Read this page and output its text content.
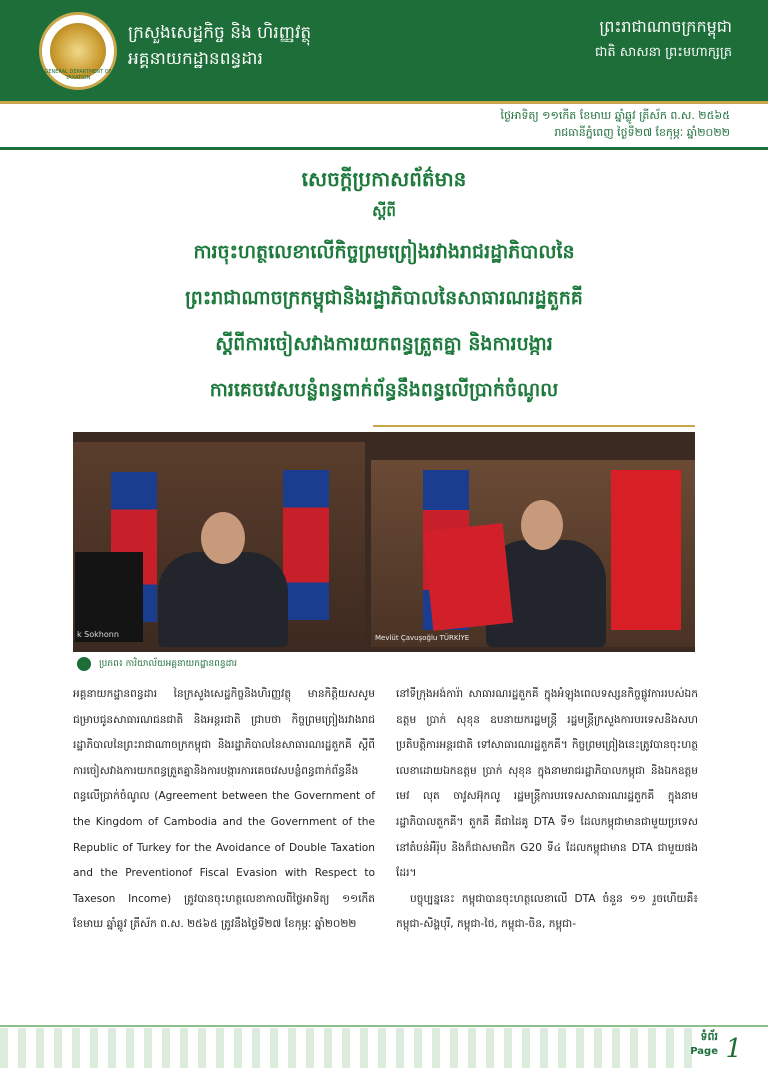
GENERAL DEPARTMENT OF TAXATION
ក្រសួងសេដ្ឋកិច្ច និង ហិរញ្ញវត្ថុ
អគ្គនាយកដ្ឋានពន្ធដារ
ព្រះរាជាណាចក្រកម្ពុជា
ជាតិ សាសនា ព្រះមហាក្សត្រ
ថ្ងៃអាទិត្យ ១១កើត ខែមាឃ ឆ្នាំឆ្លូវ ត្រីស័ក ព.ស. ២៥៦៥
រាជធានីភ្នំពេញ ថ្ងៃទី២៧ ខែកុម្ភៈ ឆ្នាំ២០២២
សេចក្តីប្រកាសព័ត៌មាន
ស្តីពី
ការចុះហត្ថលេខាលើកិច្ចព្រមព្រៀងរវាងរាជរដ្ឋាភិបាលនៃ
ព្រះរាជាណាចក្រកម្ពុជានិងរដ្ឋាភិបាលនៃសាធារណរដ្ឋតួកគី
ស្តីពីការចៀសវាងការយកពន្ធត្រួតគ្នា និងការបង្ការ
ការគេចវេសបន្លំពន្ធពាក់ព័ន្ធនឹងពន្ធលើប្រាក់ចំណូល
k Sokhonn	Mevlüt Çavuşoğlu TÜRKİYE
ប្រភព៖ ការិយាល័យអគ្គនាយកដ្ឋានពន្ធដារ

អគ្គនាយកដ្ឋានពន្ធដារ នៃក្រសួងសេដ្ឋកិច្ចនិងហិរញ្ញវត្ថុ មានកិត្តិយសសូមជម្រាបជូនសាធារណជនជាតិ និងអន្តរជាតិ ជ្រាបថា កិច្ចព្រមព្រៀងរវាងរាជរដ្ឋាភិបាលនៃព្រះរាជាណាចក្រកម្ពុជា និងរដ្ឋាភិបាលនៃសាធារណរដ្ឋតួកគី ស្តីពីការចៀសវាងការយកពន្ធត្រួតគ្នានិងការបង្ការការគេចវេសបន្លំពន្ធពាក់ព័ន្ធនឹងពន្ធលើប្រាក់ចំណូល (Agreement between the Government of the Kingdom of Cambodia and the Government of the Republic of Turkey for the Avoidance of Double Taxation and the Preventionof Fiscal Evasion with Respect to Taxeson Income) ត្រូវបានចុះហត្ថលេខាកាលពីថ្ងៃអាទិត្យ ១១កើត ខែមាឃ ឆ្នាំឆ្លូវ ត្រីស័ក ព.ស. ២៥៦៥ ត្រូវនឹងថ្ងៃទី២៧ ខែកុម្ភៈ ឆ្នាំ២០២២

នៅទីក្រុងអង់ការ៉ា សាធារណរដ្ឋតួកគី ក្នុងអំឡុងពេលទស្សនកិច្ចផ្លូវការរបស់ឯកឧត្តម ប្រាក់ សុខុន ឧបនាយករដ្ឋមន្ត្រី រដ្ឋមន្ត្រីក្រសួងការបរទេសនិងសហប្រតិបត្តិការអន្តរជាតិ ទៅសាធារណរដ្ឋតួកគី។ កិច្ចព្រមព្រៀងនេះត្រូវបានចុះហត្ថលេខាដោយឯកឧត្តម ប្រាក់ សុខុន ក្នុងនាមរាជរដ្ឋាភិបាលកម្ពុជា និងឯកឧត្តម មេវ លុត ចាវូសអ៊ុកលូ រដ្ឋមន្ត្រីការបរទេសសាធារណរដ្ឋតួកគី ក្នុងនាមរដ្ឋាភិបាលតួកគី។ តួកគី គឺជាដៃគូ DTA ទី១ ដែលកម្ពុជាមានជាមួយប្រទេសនៅតំបន់អឺរ៉ុប និងក៏ជាសមាជិក G20 ទី៤ ដែលកម្ពុជាមាន DTA ជាមួយផងដែរ។

បច្ចុប្បន្ននេះ កម្ពុជាបានចុះហត្ថលេខាលើ DTA ចំនួន ១១ រួចហើយគឺ៖ កម្ពុជា-សិង្ហបុរី, កម្ពុជា-ថៃ, កម្ពុជា-ចិន, កម្ពុជា-

ទំព័រ
Page 1
